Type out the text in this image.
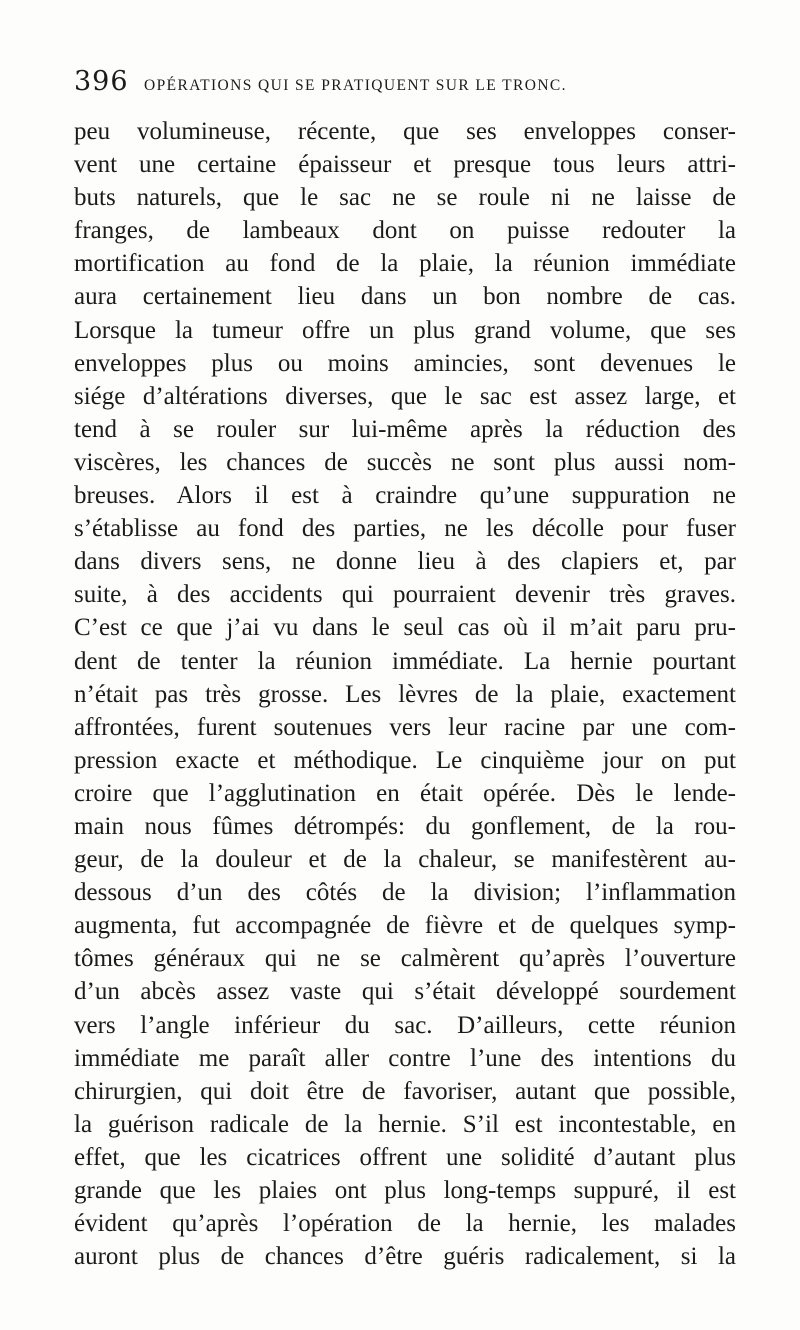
396 OPÉRATIONS QUI SE PRATIQUENT SUR LE TRONC.
peu volumineuse, récente, que ses enveloppes conser-
vent une certaine épaisseur et presque tous leurs attri-
buts naturels, que le sac ne se roule ni ne laisse de
franges, de lambeaux dont on puisse redouter la
mortification au fond de la plaie, la réunion immédiate
aura certainement lieu dans un bon nombre de cas.
Lorsque la tumeur offre un plus grand volume, que ses
enveloppes plus ou moins amincies, sont devenues le
siége d’altérations diverses, que le sac est assez large, et
tend à se rouler sur lui-même après la réduction des
viscères, les chances de succès ne sont plus aussi nom-
breuses. Alors il est à craindre qu’une suppuration ne
s’établisse au fond des parties, ne les décolle pour fuser
dans divers sens, ne donne lieu à des clapiers et, par
suite, à des accidents qui pourraient devenir très graves.
C’est ce que j’ai vu dans le seul cas où il m’ait paru pru-
dent de tenter la réunion immédiate. La hernie pourtant
n’était pas très grosse. Les lèvres de la plaie, exactement
affrontées, furent soutenues vers leur racine par une com-
pression exacte et méthodique. Le cinquième jour on put
croire que l’agglutination en était opérée. Dès le lende-
main nous fûmes détrompés: du gonflement, de la rou-
geur, de la douleur et de la chaleur, se manifestèrent au-
dessous d’un des côtés de la division; l’inflammation
augmenta, fut accompagnée de fièvre et de quelques symp-
tômes généraux qui ne se calmèrent qu’après l’ouverture
d’un abcès assez vaste qui s’était développé sourdement
vers l’angle inférieur du sac. D’ailleurs, cette réunion
immédiate me paraît aller contre l’une des intentions du
chirurgien, qui doit être de favoriser, autant que possible,
la guérison radicale de la hernie. S’il est incontestable, en
effet, que les cicatrices offrent une solidité d’autant plus
grande que les plaies ont plus long-temps suppuré, il est
évident qu’après l’opération de la hernie, les malades
auront plus de chances d’être guéris radicalement, si la
